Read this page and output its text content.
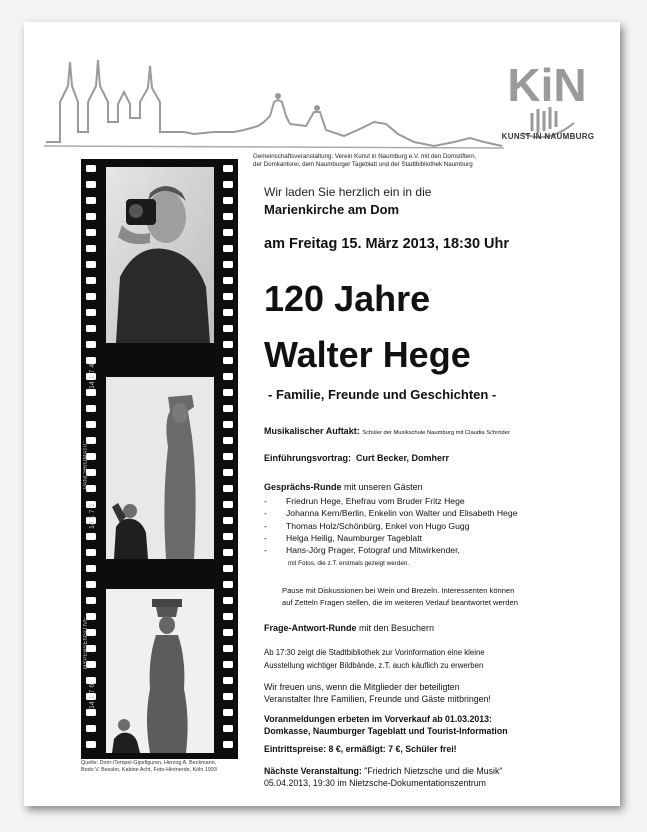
KiN
KUNST IN NAUMBURG
Gemeinschaftsveranstaltung: Verein Kunst in Naumburg e.V. mit den Domstiftern,
der Domkantorei, dem Naumburger Tageblatt und der Stadtbibliothek Naumburg
14 1 7 4
PANCHROMATIC
14 1 7 5
HYPERSENSITIVE
14 1 7 6
Quelle: Dom-/Tempel-Gipsfiguren, Herzog A. Beckmann,
Bodo V. Bessler, Kabine Acht, Foto-Hintnerde, Köln 1993
Wir laden Sie herzlich ein in die
Marienkirche am Dom
am Freitag 15. März 2013, 18:30 Uhr
120 Jahre
Walter Hege
- Familie, Freunde und Geschichten -
Musikalischer Auftakt: Schüler der Musikschule Naumburg mit Claudia Schröder
Einführungsvortrag: Curt Becker, Domherr
Gesprächs-Runde mit unseren Gästen
- Friedrun Hege, Ehefrau vom Bruder Fritz Hege
- Johanna Kern/Berlin, Enkelin von Walter und Elisabeth Hege
- Thomas Holz/Schönbürg, Enkel von Hugo Gugg
- Helga Heilig, Naumburger Tageblatt
- Hans-Jörg Prager, Fotograf und Mitwirkender,
mit Fotos, die z.T. erstmals gezeigt werden.
Pause mit Diskussionen bei Wein und Brezeln. Interessenten können
auf Zetteln Fragen stellen, die im weiteren Verlauf beantwortet werden
Frage-Antwort-Runde mit den Besuchern
Ab 17:30 zeigt die Stadtbibliothek zur Vorinformation eine kleine
Ausstellung wichtiger Bildbände, z.T. auch käuflich zu erwerben
Wir freuen uns, wenn die Mitglieder der beteiligten
Veranstalter Ihre Familien, Freunde und Gäste mitbringen!
Voranmeldungen erbeten im Vorverkauf ab 01.03.2013:
Domkasse, Naumburger Tageblatt und Tourist-Information
Eintrittspreise: 8 €, ermäßigt: 7 €, Schüler frei!
Nächste Veranstaltung: "Friedrich Nietzsche und die Musik"
05.04.2013, 19:30 im Nietzsche-Dokumentationszentrum
